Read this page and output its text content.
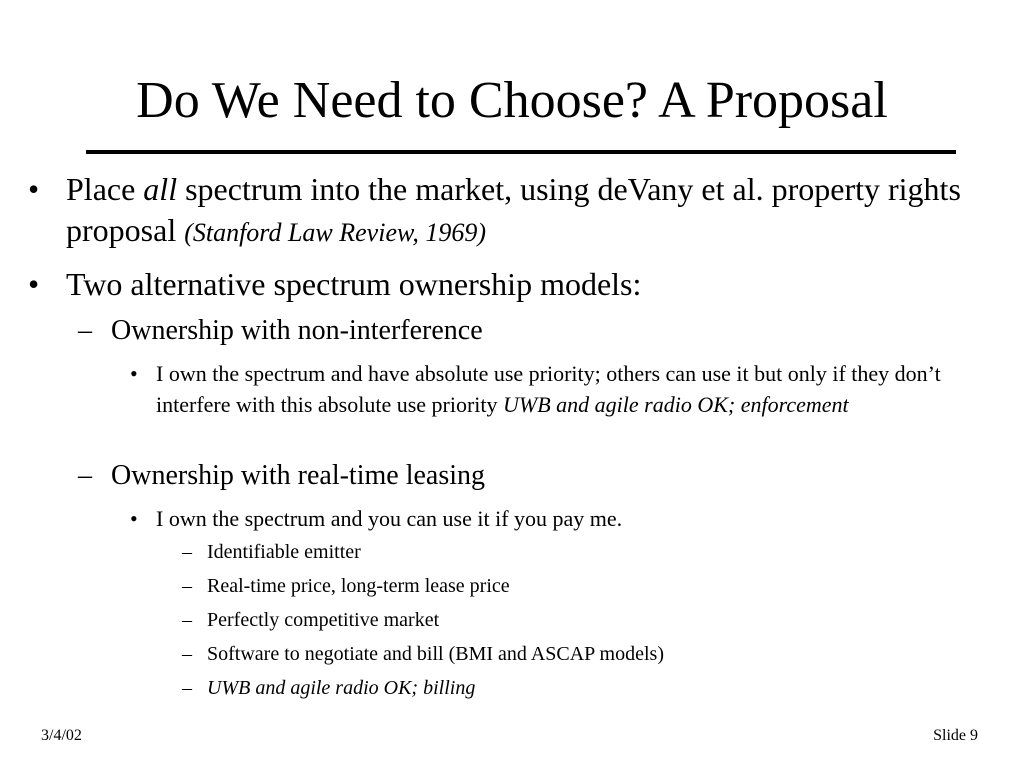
Do We Need to Choose? A Proposal
• Place all spectrum into the market, using deVany et al. property rights proposal (Stanford Law Review, 1969)
• Two alternative spectrum ownership models:
– Ownership with non-interference
• I own the spectrum and have absolute use priority; others can use it but only if they don’t interfere with this absolute use priority UWB and agile radio OK; enforcement
– Ownership with real-time leasing
• I own the spectrum and you can use it if you pay me.
– Identifiable emitter
– Real-time price, long-term lease price
– Perfectly competitive market
– Software to negotiate and bill (BMI and ASCAP models)
– UWB and agile radio OK; billing
3/4/02	Slide 9
